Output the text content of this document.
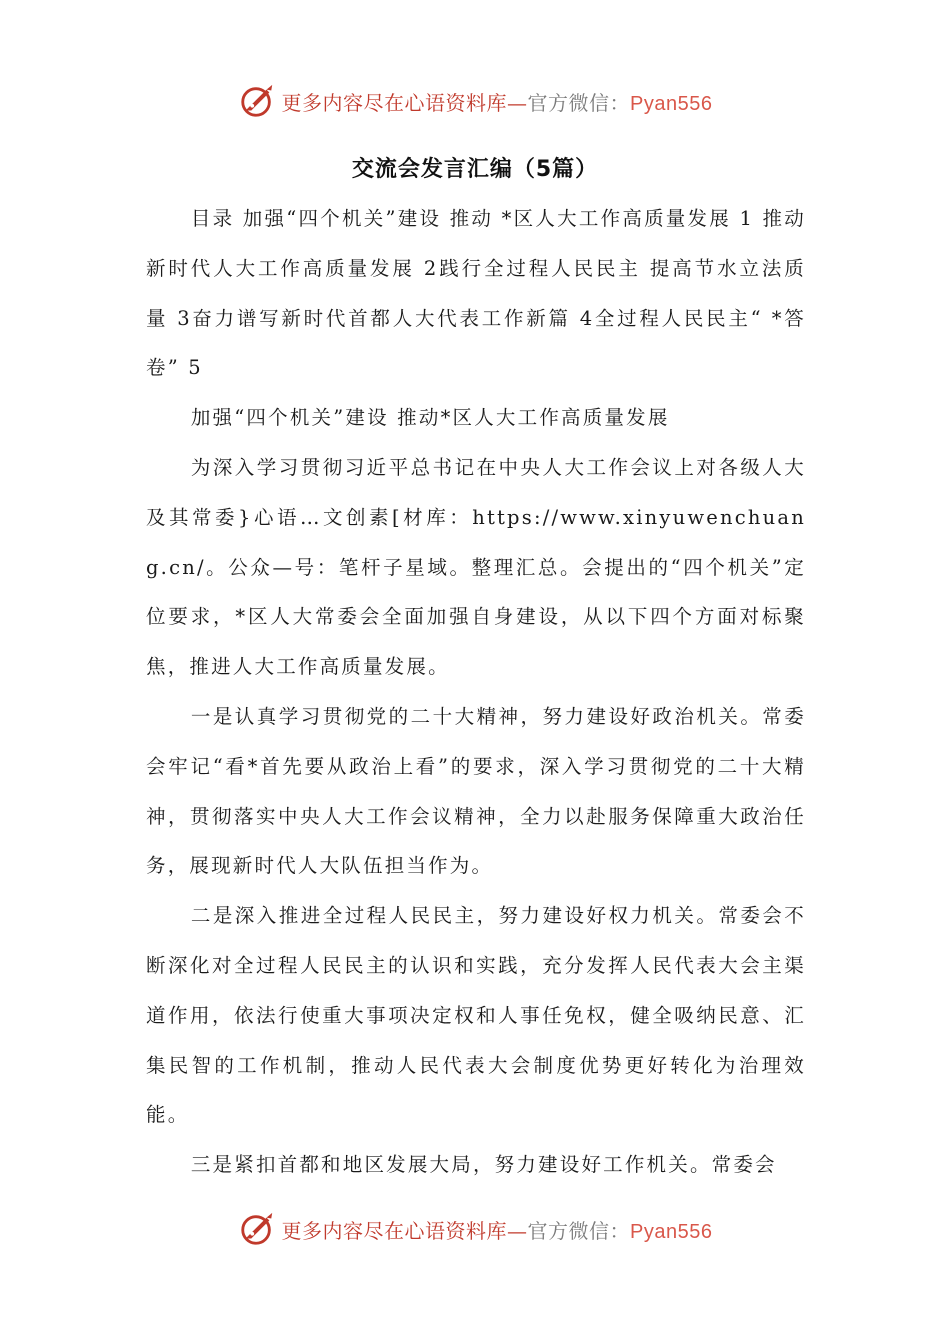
更多内容尽在心语资料库—官方微信：Pyan556
交流会发言汇编（5篇）

目录 加强“四个机关”建设 推动 *区人大工作高质量发展 1 推动新时代人大工作高质量发展 2践行全过程人民民主 提高节水立法质量 3奋力谱写新时代首都人大代表工作新篇 4全过程人民民主“ *答卷” 5

加强“四个机关”建设 推动*区人大工作高质量发展

为深入学习贯彻习近平总书记在中央人大工作会议上对各级人大及其常委}心语…文创素[材库：https://www.xinyuwenchuang.cn/。公众—号：笔杆子星域。整理汇总。会提出的“四个机关”定位要求，*区人大常委会全面加强自身建设，从以下四个方面对标聚焦，推进人大工作高质量发展。

一是认真学习贯彻党的二十大精神，努力建设好政治机关。常委会牢记“看*首先要从政治上看”的要求，深入学习贯彻党的二十大精神，贯彻落实中央人大工作会议精神，全力以赴服务保障重大政治任务，展现新时代人大队伍担当作为。

二是深入推进全过程人民民主，努力建设好权力机关。常委会不断深化对全过程人民民主的认识和实践，充分发挥人民代表大会主渠道作用，依法行使重大事项决定权和人事任免权，健全吸纳民意、汇集民智的工作机制，推动人民代表大会制度优势更好转化为治理效能。

三是紧扣首都和地区发展大局，努力建设好工作机关。常委会

更多内容尽在心语资料库—官方微信：Pyan556
